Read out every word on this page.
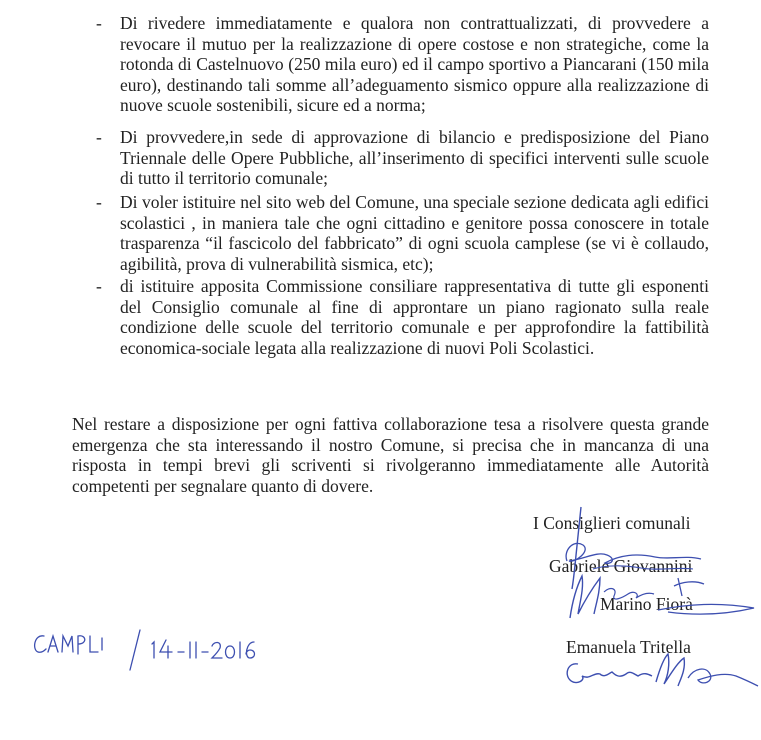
- Di rivedere immediatamente e qualora non contrattualizzati, di provvedere a revocare il mutuo per la realizzazione di opere costose e non strategiche, come la rotonda di Castelnuovo (250 mila euro) ed il campo sportivo a Piancarani (150 mila euro), destinando tali somme all’adeguamento sismico oppure alla realizzazione di nuove scuole sostenibili, sicure ed a norma;
- Di provvedere,in sede di approvazione di bilancio e predisposizione del Piano Triennale delle Opere Pubbliche, all’inserimento di specifici interventi sulle scuole di tutto il territorio comunale;
- Di voler istituire nel sito web del Comune, una speciale sezione dedicata agli edifici scolastici , in maniera tale che ogni cittadino e genitore possa conoscere in totale trasparenza “il fascicolo del fabbricato” di ogni scuola camplese (se vi è collaudo, agibilità, prova di vulnerabilità sismica, etc);
- di istituire apposita Commissione consiliare rappresentativa di tutte gli esponenti del Consiglio comunale al fine di approntare un piano ragionato sulla reale condizione delle scuole del territorio comunale e per approfondire la fattibilità economica-sociale legata alla realizzazione di nuovi Poli Scolastici.
Nel restare a disposizione per ogni fattiva collaborazione tesa a risolvere questa grande emergenza che sta interessando il nostro Comune, si precisa che in mancanza di una risposta in tempi brevi gli scriventi si rivolgeranno immediatamente alle Autorità competenti per segnalare quanto di dovere.
I Consiglieri comunali
Gabriele Giovannini
Marino Fiorà
Emanuela Tritella
